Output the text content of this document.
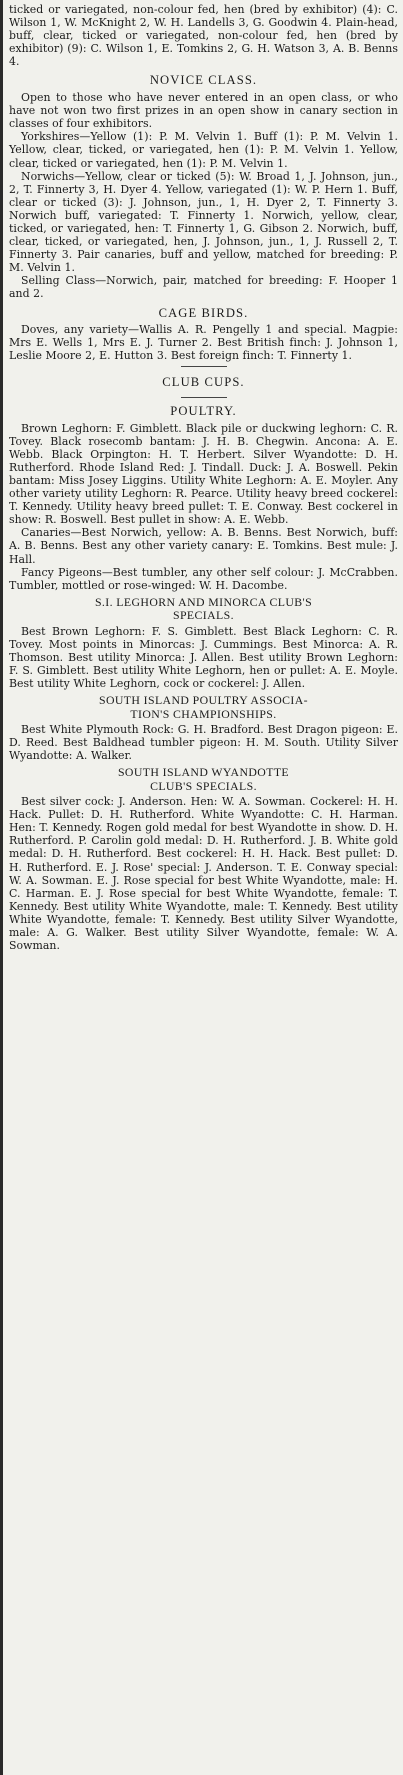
ticked or variegated, non-colour fed, hen (bred by exhibitor) (4): C. Wilson 1, W. McKnight 2, W. H. Landells 3, G. Goodwin 4. Plain-head, buff, clear, ticked or variegated, non-colour fed, hen (bred by exhibitor) (9): C. Wilson 1, E. Tomkins 2, G. H. Watson 3, A. B. Benns 4.

NOVICE CLASS.

Open to those who have never entered in an open class, or who have not won two first prizes in an open show in canary section in classes of four exhibitors.

Yorkshires—Yellow (1): P. M. Velvin 1. Buff (1): P. M. Velvin 1. Yellow, clear, ticked, or variegated, hen (1): P. M. Velvin 1. Yellow, clear, ticked or variegated, hen (1): P. M. Velvin 1.

Norwichs—Yellow, clear or ticked (5): W. Broad 1, J. Johnson, jun., 2, T. Finnerty 3, H. Dyer 4. Yellow, variegated (1): W. P. Hern 1. Buff, clear or ticked (3): J. Johnson, jun., 1, H. Dyer 2, T. Finnerty 3. Norwich buff, variegated: T. Finnerty 1. Norwich, yellow, clear, ticked, or variegated, hen: T. Finnerty 1, G. Gibson 2. Norwich, buff, clear, ticked, or variegated, hen, J. Johnson, jun., 1, J. Russell 2, T. Finnerty 3. Pair canaries, buff and yellow, matched for breeding: P. M. Velvin 1.

Selling Class—Norwich, pair, matched for breeding: F. Hooper 1 and 2.

CAGE BIRDS.

Doves, any variety—Wallis A. R. Pengelly 1 and special. Magpie: Mrs E. Wells 1, Mrs E. J. Turner 2. Best British finch: J. Johnson 1, Leslie Moore 2, E. Hutton 3. Best foreign finch: T. Finnerty 1.

CLUB CUPS.
POULTRY.

Brown Leghorn: F. Gimblett. Black pile or duckwing leghorn: C. R. Tovey. Black rosecomb bantam: J. H. B. Chegwin. Ancona: A. E. Webb. Black Orpington: H. T. Herbert. Silver Wyandotte: D. H. Rutherford. Rhode Island Red: J. Tindall. Duck: J. A. Boswell. Pekin bantam: Miss Josey Liggins. Utility White Leghorn: A. E. Moyler. Any other variety utility Leghorn: R. Pearce. Utility heavy breed cockerel: T. Kennedy. Utility heavy breed pullet: T. E. Conway. Best cockerel in show: R. Boswell. Best pullet in show: A. E. Webb.

Canaries—Best Norwich, yellow: A. B. Benns. Best Norwich, buff: A. B. Benns. Best any other variety canary: E. Tomkins. Best mule: J. Hall.

Fancy Pigeons—Best tumbler, any other self colour: J. McCrabben. Tumbler, mottled or rose-winged: W. H. Dacombe.

S.I. LEGHORN AND MINORCA CLUB'S
SPECIALS.

Best Brown Leghorn: F. S. Gimblett. Best Black Leghorn: C. R. Tovey. Most points in Minorcas: J. Cummings. Best Minorca: A. R. Thomson. Best utility Minorca: J. Allen. Best utility Brown Leghorn: F. S. Gimblett. Best utility White Leghorn, hen or pullet: A. E. Moyle. Best utility White Leghorn, cock or cockerel: J. Allen.

SOUTH ISLAND POULTRY ASSOCIA-
TION'S CHAMPIONSHIPS.

Best White Plymouth Rock: G. H. Bradford. Best Dragon pigeon: E. D. Reed. Best Baldhead tumbler pigeon: H. M. South. Utility Silver Wyandotte: A. Walker.

SOUTH ISLAND WYANDOTTE
CLUB'S SPECIALS.

Best silver cock: J. Anderson. Hen: W. A. Sowman. Cockerel: H. H. Hack. Pullet: D. H. Rutherford. White Wyandotte: C. H. Harman. Hen: T. Kennedy. Rogen gold medal for best Wyandotte in show. D. H. Rutherford. P. Carolin gold medal: D. H. Rutherford. J. B. White gold medal: D. H. Rutherford. Best cockerel: H. H. Hack. Best pullet: D. H. Rutherford. E. J. Rose' special: J. Anderson. T. E. Conway special: W. A. Sowman. E. J. Rose special for best White Wyandotte, male: H. C. Harman. E. J. Rose special for best White Wyandotte, female: T. Kennedy. Best utility White Wyandotte, male: T. Kennedy. Best utility White Wyandotte, female: T. Kennedy. Best utility Silver Wyandotte, male: A. G. Walker. Best utility Silver Wyandotte, female: W. A. Sowman.
